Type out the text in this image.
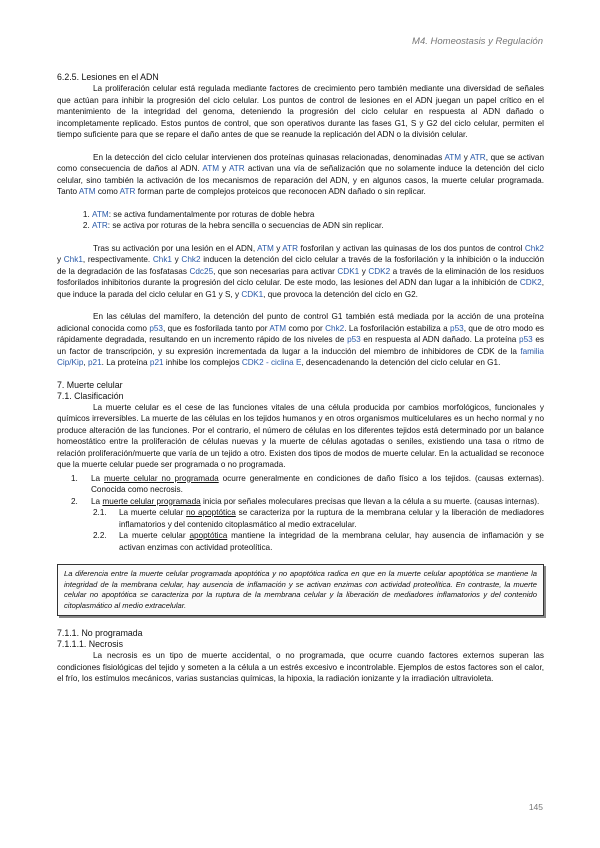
M4. Homeostasis y Regulación
6.2.5. Lesiones en el ADN

La proliferación celular está regulada mediante factores de crecimiento pero también mediante una diversidad de señales que actúan para inhibir la progresión del ciclo celular. Los puntos de control de lesiones en el ADN juegan un papel crítico en el mantenimiento de la integridad del genoma, deteniendo la progresión del ciclo celular en respuesta al ADN dañado o incompletamente replicado. Estos puntos de control, que son operativos durante las fases G1, S y G2 del ciclo celular, permiten el tiempo suficiente para que se repare el daño antes de que se reanude la replicación del ADN o la división celular.

En la detección del ciclo celular intervienen dos proteínas quinasas relacionadas, denominadas ATM y ATR, que se activan como consecuencia de daños al ADN. ATM y ATR activan una vía de señalización que no solamente induce la detención del ciclo celular, sino también la activación de los mecanismos de reparación del ADN, y en algunos casos, la muerte celular programada. Tanto ATM como ATR forman parte de complejos proteicos que reconocen ADN dañado o sin replicar.

1. ATM: se activa fundamentalmente por roturas de doble hebra
2. ATR: se activa por roturas de la hebra sencilla o secuencias de ADN sin replicar.

Tras su activación por una lesión en el ADN, ATM y ATR fosforilan y activan las quinasas de los dos puntos de control Chk2 y Chk1, respectivamente. Chk1 y Chk2 inducen la detención del ciclo celular a través de la fosforilación y la inhibición o la inducción de la degradación de las fosfatasas Cdc25, que son necesarias para activar CDK1 y CDK2 a través de la eliminación de los residuos fosforilados inhibitorios durante la progresión del ciclo celular. De este modo, las lesiones del ADN dan lugar a la inhibición de CDK2, que induce la parada del ciclo celular en G1 y S, y CDK1, que provoca la detención del ciclo en G2.

En las células del mamífero, la detención del punto de control G1 también está mediada por la acción de una proteína adicional conocida como p53, que es fosforilada tanto por ATM como por Chk2. La fosforilación estabiliza a p53, que de otro modo es rápidamente degradada, resultando en un incremento rápido de los niveles de p53 en respuesta al ADN dañado. La proteína p53 es un factor de transcripción, y su expresión incrementada da lugar a la inducción del miembro de inhibidores de CDK de la familia Cip/Kip, p21. La proteína p21 inhibe los complejos CDK2 - ciclina E, desencadenando la detención del ciclo celular en G1.

7. Muerte celular
7.1. Clasificación

La muerte celular es el cese de las funciones vitales de una célula producida por cambios morfológicos, funcionales y químicos irreversibles. La muerte de las células en los tejidos humanos y en otros organismos multicelulares es un hecho normal y no produce alteración de las funciones. Por el contrario, el número de células en los diferentes tejidos está determinado por un balance homeostático entre la proliferación de células nuevas y la muerte de células agotadas o seniles, existiendo una tasa o ritmo de relación proliferación/muerte que varía de un tejido a otro. Existen dos tipos de modos de muerte celular. En la actualidad se reconoce que la muerte celular puede ser programada o no programada.

1. La muerte celular no programada ocurre generalmente en condiciones de daño físico a los tejidos. (causas externas). Conocida como necrosis.
2. La muerte celular programada inicia por señales moleculares precisas que llevan a la célula a su muerte. (causas internas).
2.1. La muerte celular no apoptótica se caracteriza por la ruptura de la membrana celular y la liberación de mediadores inflamatorios y del contenido citoplasmático al medio extracelular.
2.2. La muerte celular apoptótica mantiene la integridad de la membrana celular, hay ausencia de inflamación y se activan enzimas con actividad proteolítica.
La diferencia entre la muerte celular programada apoptótica y no apoptótica radica en que en la muerte celular apoptótica se mantiene la integridad de la membrana celular, hay ausencia de inflamación y se activan enzimas con actividad proteolítica. En contraste, la muerte celular no apoptótica se caracteriza por la ruptura de la membrana celular y la liberación de mediadores inflamatorios y del contenido citoplasmático al medio extracelular.
7.1.1. No programada
7.1.1.1. Necrosis

La necrosis es un tipo de muerte accidental, o no programada, que ocurre cuando factores externos superan las condiciones fisiológicas del tejido y someten a la célula a un estrés excesivo e incontrolable. Ejemplos de estos factores son el calor, el frío, los estímulos mecánicos, varias sustancias químicas, la hipoxia, la radiación ionizante y la irradiación ultravioleta.

145
